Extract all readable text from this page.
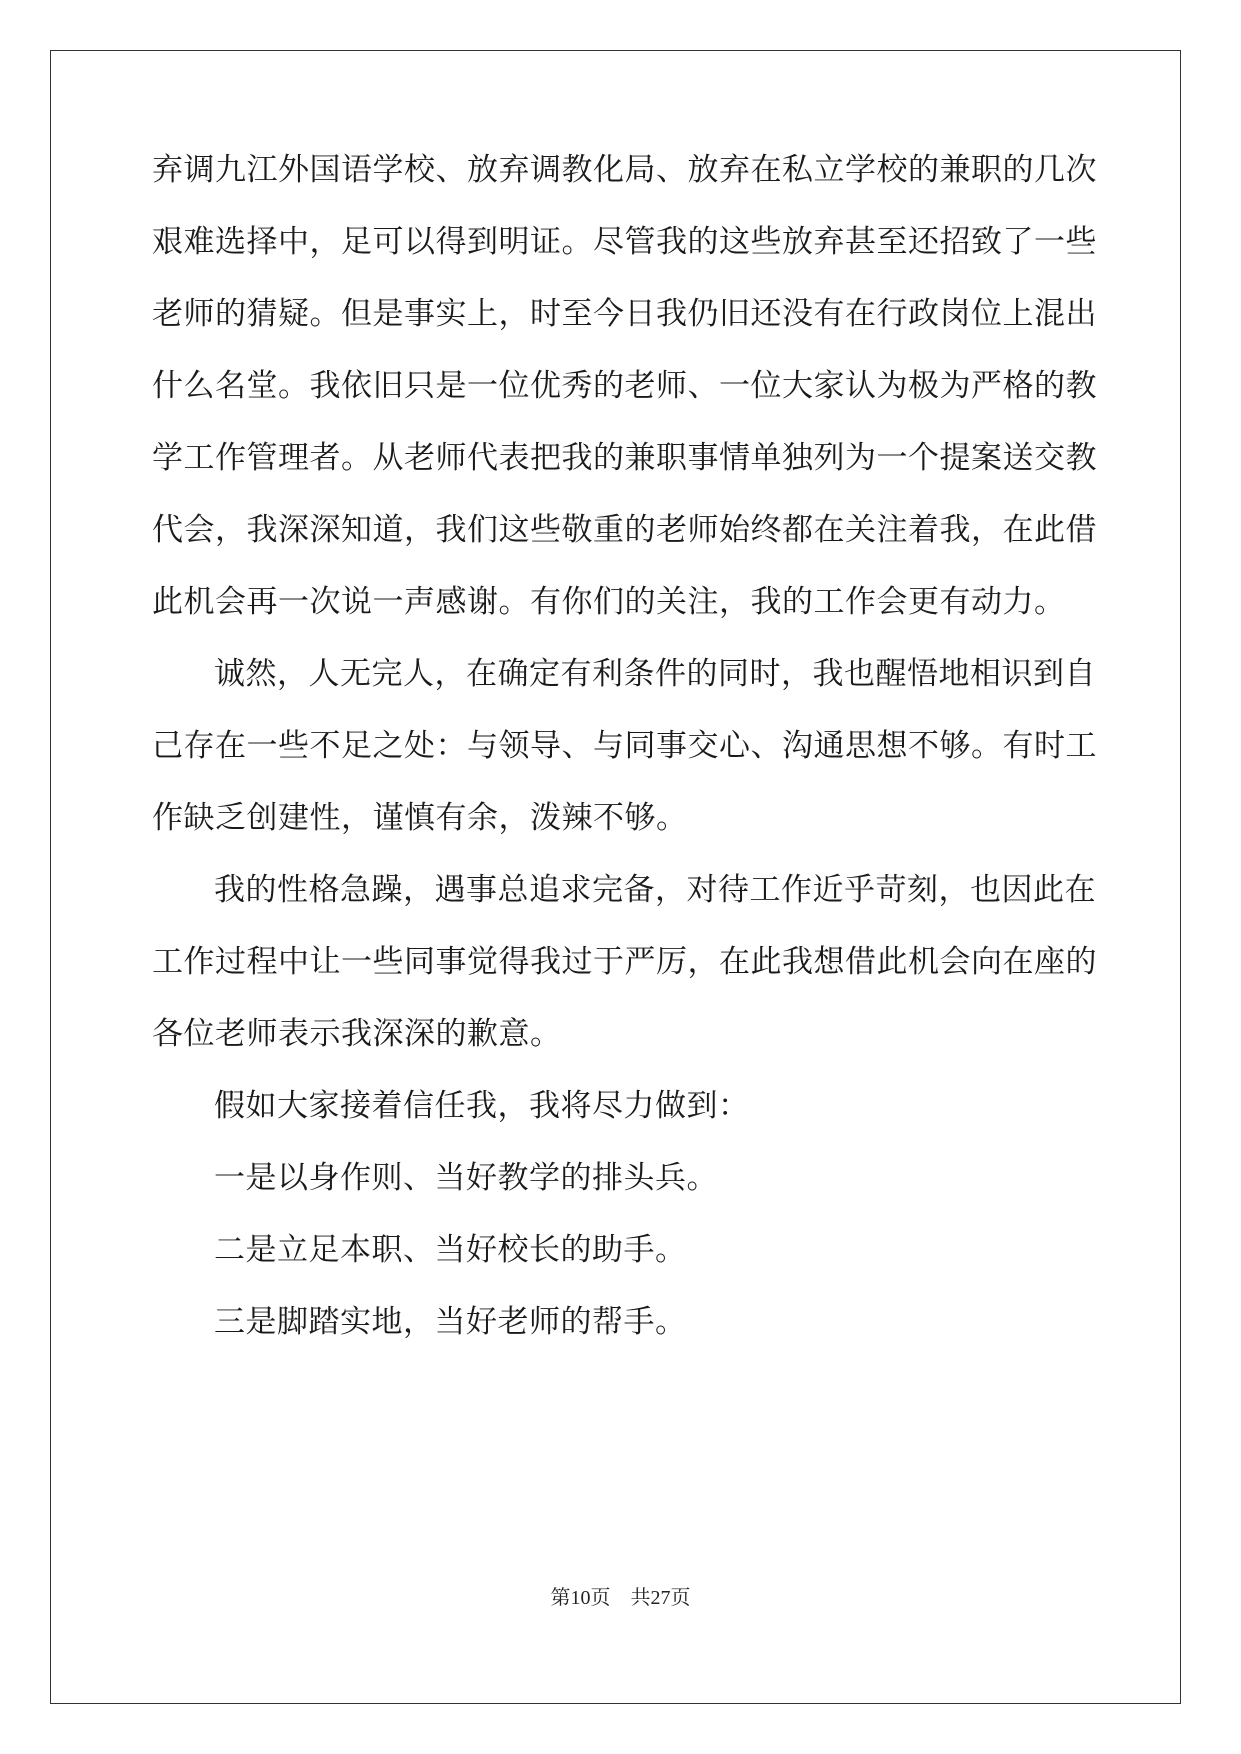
弃调九江外国语学校、放弃调教化局、放弃在私立学校的兼职的几次
艰难选择中，足可以得到明证。尽管我的这些放弃甚至还招致了一些
老师的猜疑。但是事实上，时至今日我仍旧还没有在行政岗位上混出
什么名堂。我依旧只是一位优秀的老师、一位大家认为极为严格的教
学工作管理者。从老师代表把我的兼职事情单独列为一个提案送交教
代会，我深深知道，我们这些敬重的老师始终都在关注着我，在此借
此机会再一次说一声感谢。有你们的关注，我的工作会更有动力。
诚然，人无完人，在确定有利条件的同时，我也醒悟地相识到自
己存在一些不足之处：与领导、与同事交心、沟通思想不够。有时工
作缺乏创建性，谨慎有余，泼辣不够。
我的性格急躁，遇事总追求完备，对待工作近乎苛刻，也因此在
工作过程中让一些同事觉得我过于严厉，在此我想借此机会向在座的
各位老师表示我深深的歉意。
假如大家接着信任我，我将尽力做到：
一是以身作则、当好教学的排头兵。
二是立足本职、当好校长的助手。
三是脚踏实地，当好老师的帮手。
第10页 共27页
